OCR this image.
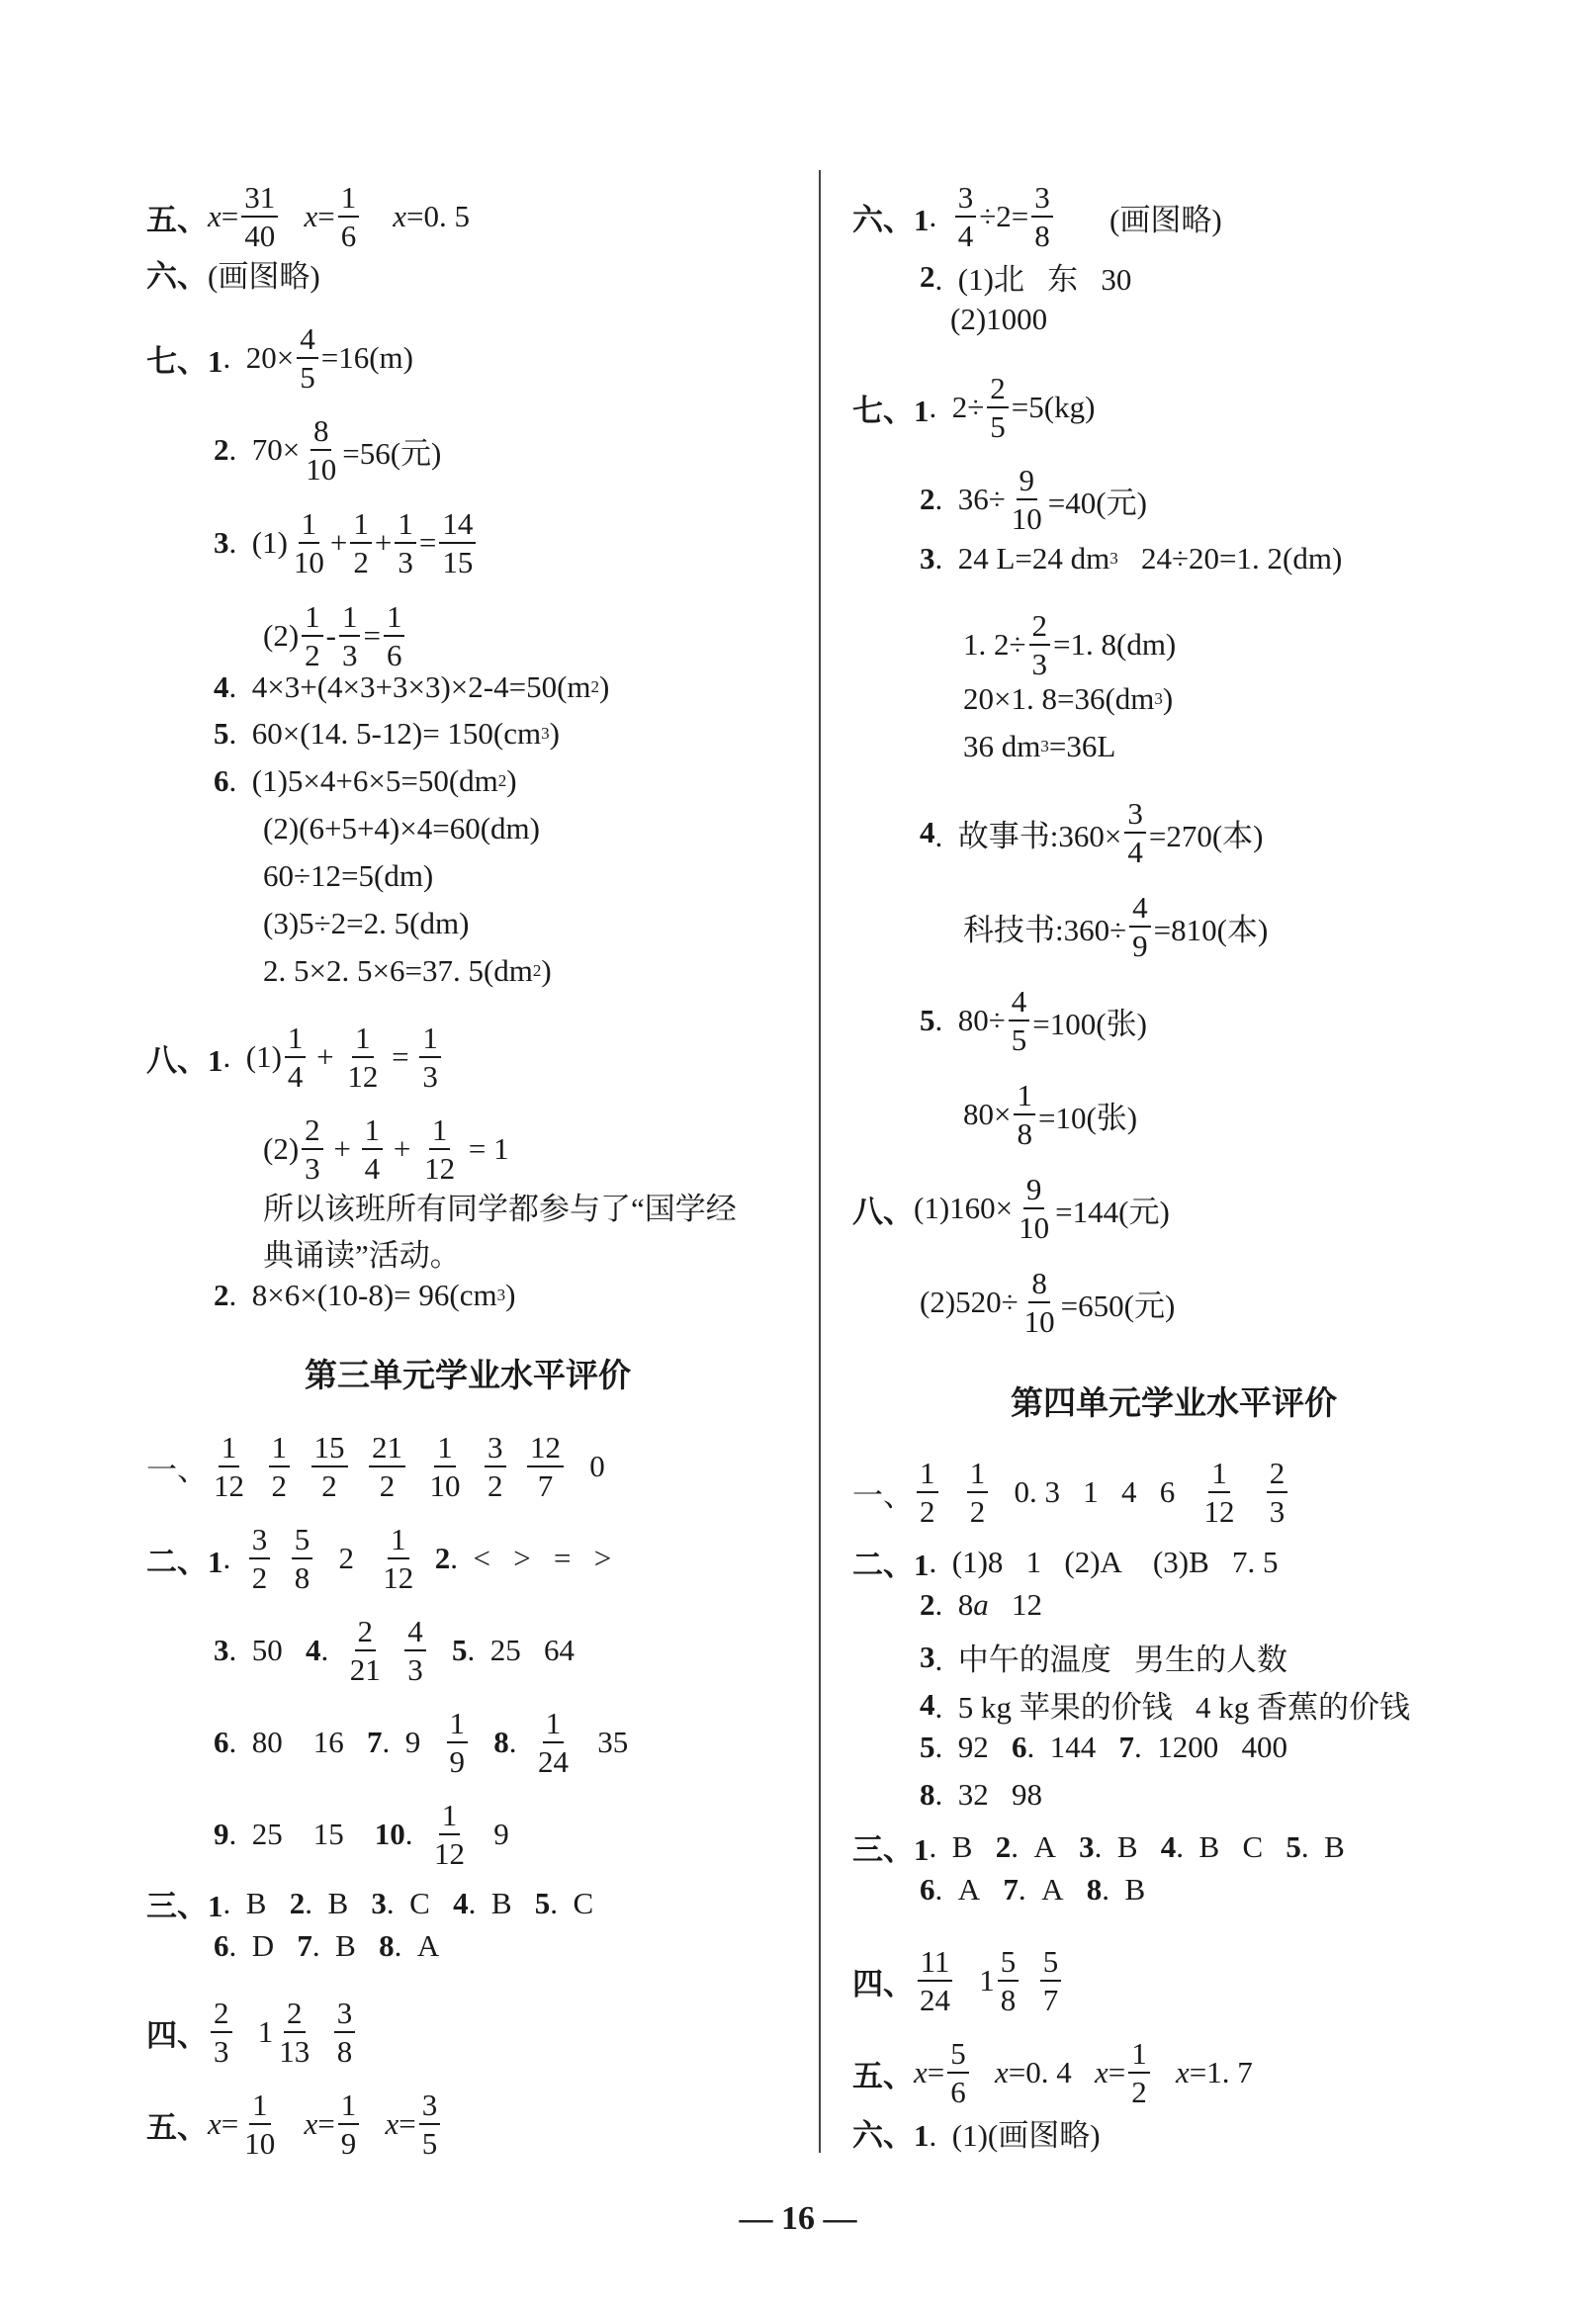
五、 $x = \frac{31}{40}$
$x = \frac{1}{6}$
x =0. 5
六、 (画图略)
七、1 .  $20\times \frac{4}{5} =16(m)$
2 .  $70\times \frac{8}{10} =56$(元)
3 .  $(1) \frac{1}{10} + \frac{1}{2} + \frac{1}{3} = \frac{14}{15}$
$(2) \frac{1}{2} - \frac{1}{3} = \frac{1}{6}$
4 .  4×3+(4×3+3×3)×2-4=50(m 2 )
5 .  60×(14. 5-12)= 150(cm 3 )
6 .  (1)5×4+6×5=50(dm 2 )
(2)(6+5+4)×4=60(dm)
60÷12=5(dm)
(3)5÷2=2. 5(dm)
2. 5×2. 5×6=37. 5(dm 2 )
八、1 .  $(1) \frac{1}{4} + \frac{1}{12} = \frac{1}{3}$
$(2) \frac{2}{3} + \frac{1}{4} + \frac{1}{12} = 1$
所以该班所有同学都参与了“国学经
典诵读”活动。
2 .  8×6×(10-8)= 96(cm 3 )
一、 $\frac{1}{12}$
$\frac{1}{2}$
$\frac{15}{2}$
$\frac{21}{2}$
$\frac{1}{10}$
$\frac{3}{2}$
$\frac{12}{7} 0$
二、1 . $\frac{3}{2}$
$\frac{5}{8} 2 \frac{1}{12}$
2 .  <   >   =   >
3 .  50 4 . $\frac{2}{21}$
$\frac{4}{3}$
5 .  25   64
6 .  80    16 7 .  $9 \frac{1}{9}$
8 . $\frac{1}{24} 35$
9 .  25    15 10 . $\frac{1}{12} 9$
三、1 .  B 2 .  B 3 .  C 4 .  B 5 .  C
6 .  D 7 .  B 8 .  A
四、 $\frac{2}{3} 1 \frac{2}{13}$
$\frac{3}{8}$
五、 $x = \frac{1}{10}$
$x = \frac{1}{9}$
$x = \frac{3}{5}$
第三单元学业水平评价
六、1 . $\frac{3}{4} \div 2= \frac{3}{8}$ (画图略)
2 .  (1)北   东   30
(2)1000
七、1 .  $2\div \frac{2}{5} =5(kg)$
2 .  $36\div \frac{9}{10} =40$(元)
3 .  24 L=24 dm 3 24÷20=1. 2(dm)
1. $2\div \frac{2}{3} =1$. 8(dm)
20×1. 8=36(dm 3 )
36 dm 3 =36L
4 .  故事书:360× $\frac{3}{4} =270$(本)
科技书:360÷ $\frac{4}{9} =810$(本)
5 .  $80\div \frac{4}{5} =100$(张)
$80\times \frac{1}{8} =10$(张)
八、 $(1)160\times \frac{9}{10} =144$(元)
$(2)520\div \frac{8}{10} =650$(元)
一、 $\frac{1}{2}$
$\frac{1}{2} 0$. 3   1   4   $6 \frac{1}{12}$
$\frac{2}{3}$
二、1 .  (1)8   1   (2)A    (3)B   7. 5
2 .  8 a 12
3 .  中午的温度   男生的人数
4 .  5 kg 苹果的价钱   4 kg 香蕉的价钱
5 .  92 6 .  144 7 .  1200   400
8 .  32   98
三、1 .  B 2 .  A 3 .  B 4 .  B   C 5 .  B
6 .  A 7 .  A 8 .  B
四、 $\frac{11}{24} 1 \frac{5}{8}$
$\frac{5}{7}$
五、 $x = \frac{5}{6}$
x =0. 4 $x = \frac{1}{2}$
x =1. 7
六、1 .  (1)(画图略)
第四单元学业水平评价
— 16 —
